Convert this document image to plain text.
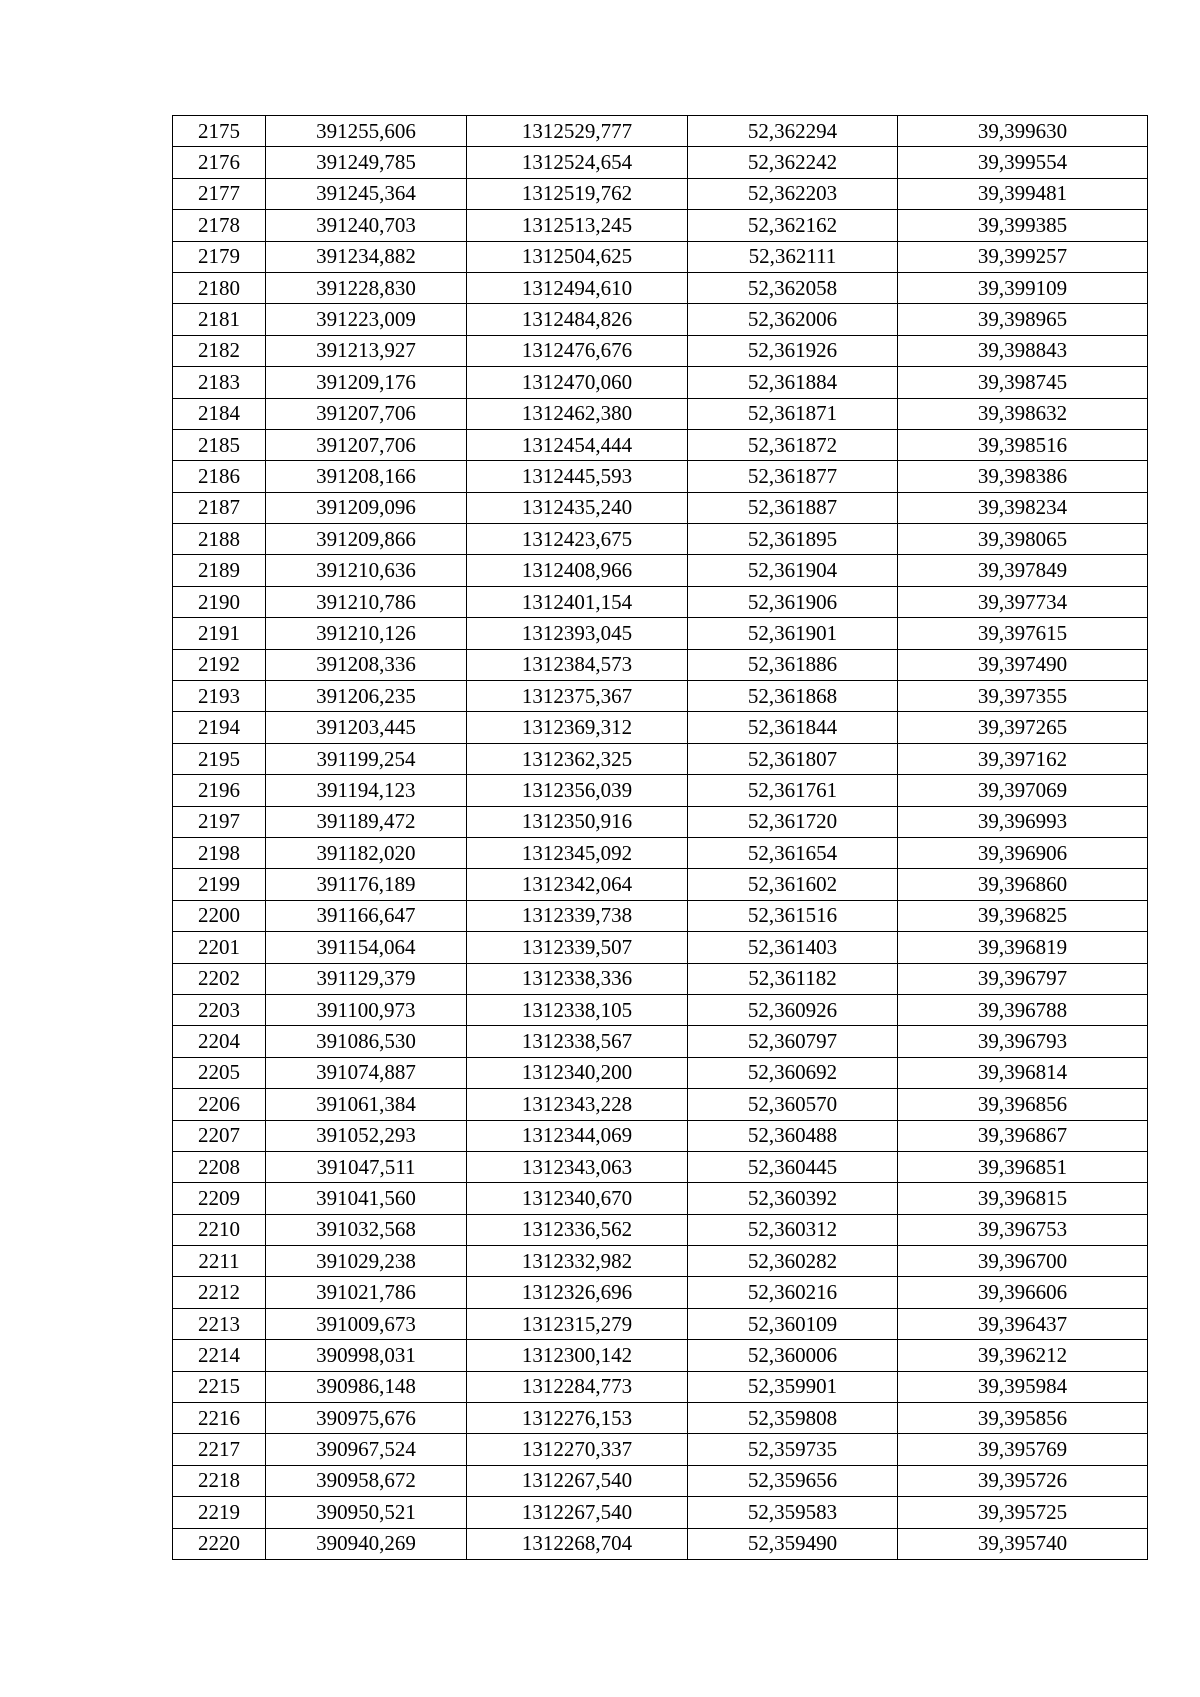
2175	391255,606	1312529,777	52,362294	39,399630
2176	391249,785	1312524,654	52,362242	39,399554
2177	391245,364	1312519,762	52,362203	39,399481
2178	391240,703	1312513,245	52,362162	39,399385
2179	391234,882	1312504,625	52,362111	39,399257
2180	391228,830	1312494,610	52,362058	39,399109
2181	391223,009	1312484,826	52,362006	39,398965
2182	391213,927	1312476,676	52,361926	39,398843
2183	391209,176	1312470,060	52,361884	39,398745
2184	391207,706	1312462,380	52,361871	39,398632
2185	391207,706	1312454,444	52,361872	39,398516
2186	391208,166	1312445,593	52,361877	39,398386
2187	391209,096	1312435,240	52,361887	39,398234
2188	391209,866	1312423,675	52,361895	39,398065
2189	391210,636	1312408,966	52,361904	39,397849
2190	391210,786	1312401,154	52,361906	39,397734
2191	391210,126	1312393,045	52,361901	39,397615
2192	391208,336	1312384,573	52,361886	39,397490
2193	391206,235	1312375,367	52,361868	39,397355
2194	391203,445	1312369,312	52,361844	39,397265
2195	391199,254	1312362,325	52,361807	39,397162
2196	391194,123	1312356,039	52,361761	39,397069
2197	391189,472	1312350,916	52,361720	39,396993
2198	391182,020	1312345,092	52,361654	39,396906
2199	391176,189	1312342,064	52,361602	39,396860
2200	391166,647	1312339,738	52,361516	39,396825
2201	391154,064	1312339,507	52,361403	39,396819
2202	391129,379	1312338,336	52,361182	39,396797
2203	391100,973	1312338,105	52,360926	39,396788
2204	391086,530	1312338,567	52,360797	39,396793
2205	391074,887	1312340,200	52,360692	39,396814
2206	391061,384	1312343,228	52,360570	39,396856
2207	391052,293	1312344,069	52,360488	39,396867
2208	391047,511	1312343,063	52,360445	39,396851
2209	391041,560	1312340,670	52,360392	39,396815
2210	391032,568	1312336,562	52,360312	39,396753
2211	391029,238	1312332,982	52,360282	39,396700
2212	391021,786	1312326,696	52,360216	39,396606
2213	391009,673	1312315,279	52,360109	39,396437
2214	390998,031	1312300,142	52,360006	39,396212
2215	390986,148	1312284,773	52,359901	39,395984
2216	390975,676	1312276,153	52,359808	39,395856
2217	390967,524	1312270,337	52,359735	39,395769
2218	390958,672	1312267,540	52,359656	39,395726
2219	390950,521	1312267,540	52,359583	39,395725
2220	390940,269	1312268,704	52,359490	39,395740
